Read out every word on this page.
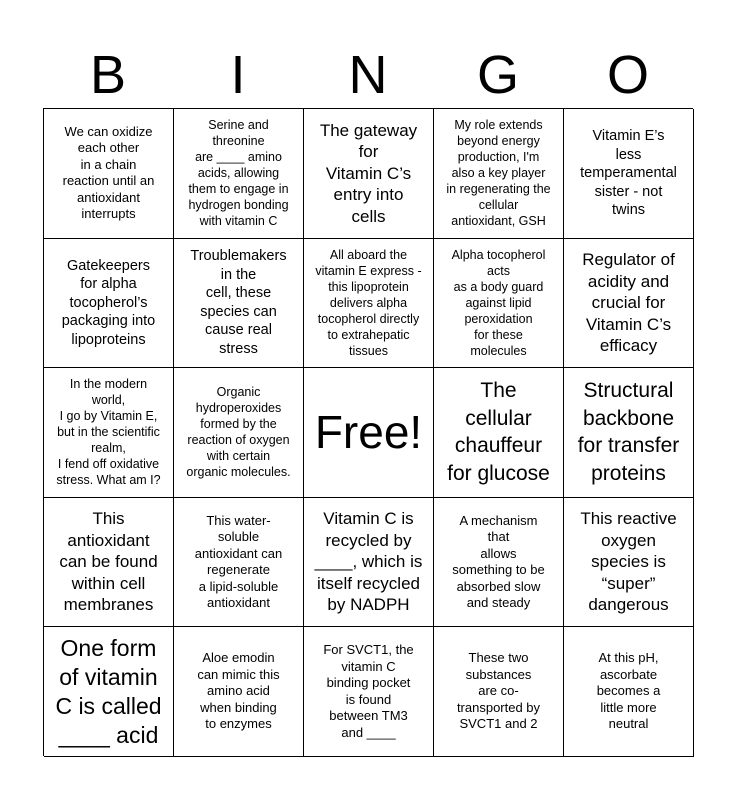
B	I	N	G	O
We can oxidize
each other
in a chain
reaction until an
antioxidant
interrupts
Serine and
threonine
are ____ amino
acids, allowing
them to engage in
hydrogen bonding
with vitamin C
The gateway
for
Vitamin C’s
entry into
cells
My role extends
beyond energy
production, I'm
also a key player
in regenerating the
cellular
antioxidant, GSH
Vitamin E’s
less
temperamental
sister - not
twins
Gatekeepers
for alpha
tocopherol’s
packaging into
lipoproteins
Troublemakers
in the
cell, these
species can
cause real
stress
All aboard the
vitamin E express -
this lipoprotein
delivers alpha
tocopherol directly
to extrahepatic
tissues
Alpha tocopherol
acts
as a body guard
against lipid
peroxidation
for these
molecules
Regulator of
acidity and
crucial for
Vitamin C’s
efficacy
In the modern
world,
I go by Vitamin E,
but in the scientific
realm,
I fend off oxidative
stress. What am I?
Organic
hydroperoxides
formed by the
reaction of oxygen
with certain
organic molecules.
Free!
The
cellular
chauffeur
for glucose
Structural
backbone
for transfer
proteins
This
antioxidant
can be found
within cell
membranes
This water-
soluble
antioxidant can
regenerate
a lipid-soluble
antioxidant
Vitamin C is
recycled by
____, which is
itself recycled
by NADPH
A mechanism
that
allows
something to be
absorbed slow
and steady
This reactive
oxygen
species is
“super”
dangerous
One form
of vitamin
C is called
____ acid
Aloe emodin
can mimic this
amino acid
when binding
to enzymes
For SVCT1, the
vitamin C
binding pocket
is found
between TM3
and ____
These two
substances
are co-
transported by
SVCT1 and 2
At this pH,
ascorbate
becomes a
little more
neutral
